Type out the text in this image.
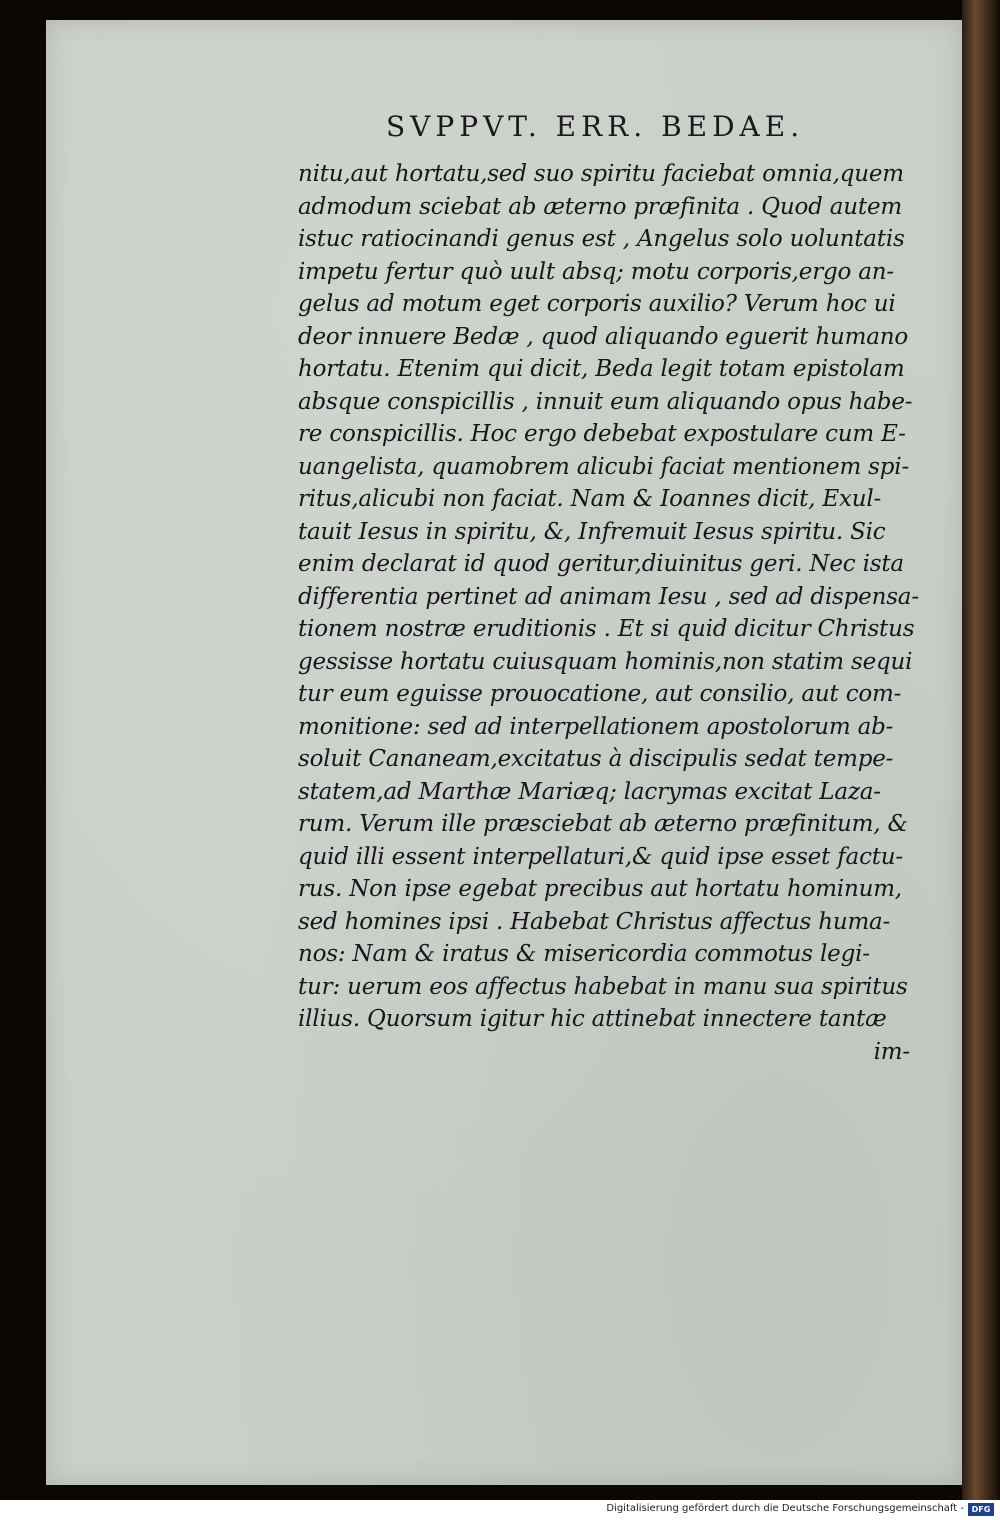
SVPPVT. ERR. BEDAE.
nitu,aut hortatu,sed suo spiritu faciebat omnia,quem
admodum sciebat ab æterno præfinita . Quod autem
istuc ratiocinandi genus est , Angelus solo uoluntatis
impetu fertur quò uult absq; motu corporis,ergo an-
gelus ad motum eget corporis auxilio? Verum hoc ui
deor innuere Bedæ , quod aliquando eguerit humano
hortatu. Etenim qui dicit, Beda legit totam epistolam
absque conspicillis , innuit eum aliquando opus habe-
re conspicillis. Hoc ergo debebat expostulare cum E-
uangelista, quamobrem alicubi faciat mentionem spi-
ritus,alicubi non faciat. Nam & Ioannes dicit, Exul-
tauit Iesus in spiritu, &, Infremuit Iesus spiritu. Sic
enim declarat id quod geritur,diuinitus geri. Nec ista
differentia pertinet ad animam Iesu , sed ad dispensa-
tionem nostræ eruditionis . Et si quid dicitur Christus
gessisse hortatu cuiusquam hominis,non statim sequi
tur eum eguisse prouocatione, aut consilio, aut com-
monitione: sed ad interpellationem apostolorum ab-
soluit Cananeam,excitatus à discipulis sedat tempe-
statem,ad Marthæ Mariæq; lacrymas excitat Laza-
rum. Verum ille præsciebat ab æterno præfinitum, &
quid illi essent interpellaturi,& quid ipse esset factu-
rus. Non ipse egebat precibus aut hortatu hominum,
sed homines ipsi . Habebat Christus affectus huma-
nos: Nam & iratus & misericordia commotus legi-
tur: uerum eos affectus habebat in manu sua spiritus
illius. Quorsum igitur hic attinebat innectere tantæ
im-
Digitalisierung gefördert durch die Deutsche Forschungsgemeinschaft - DFG
